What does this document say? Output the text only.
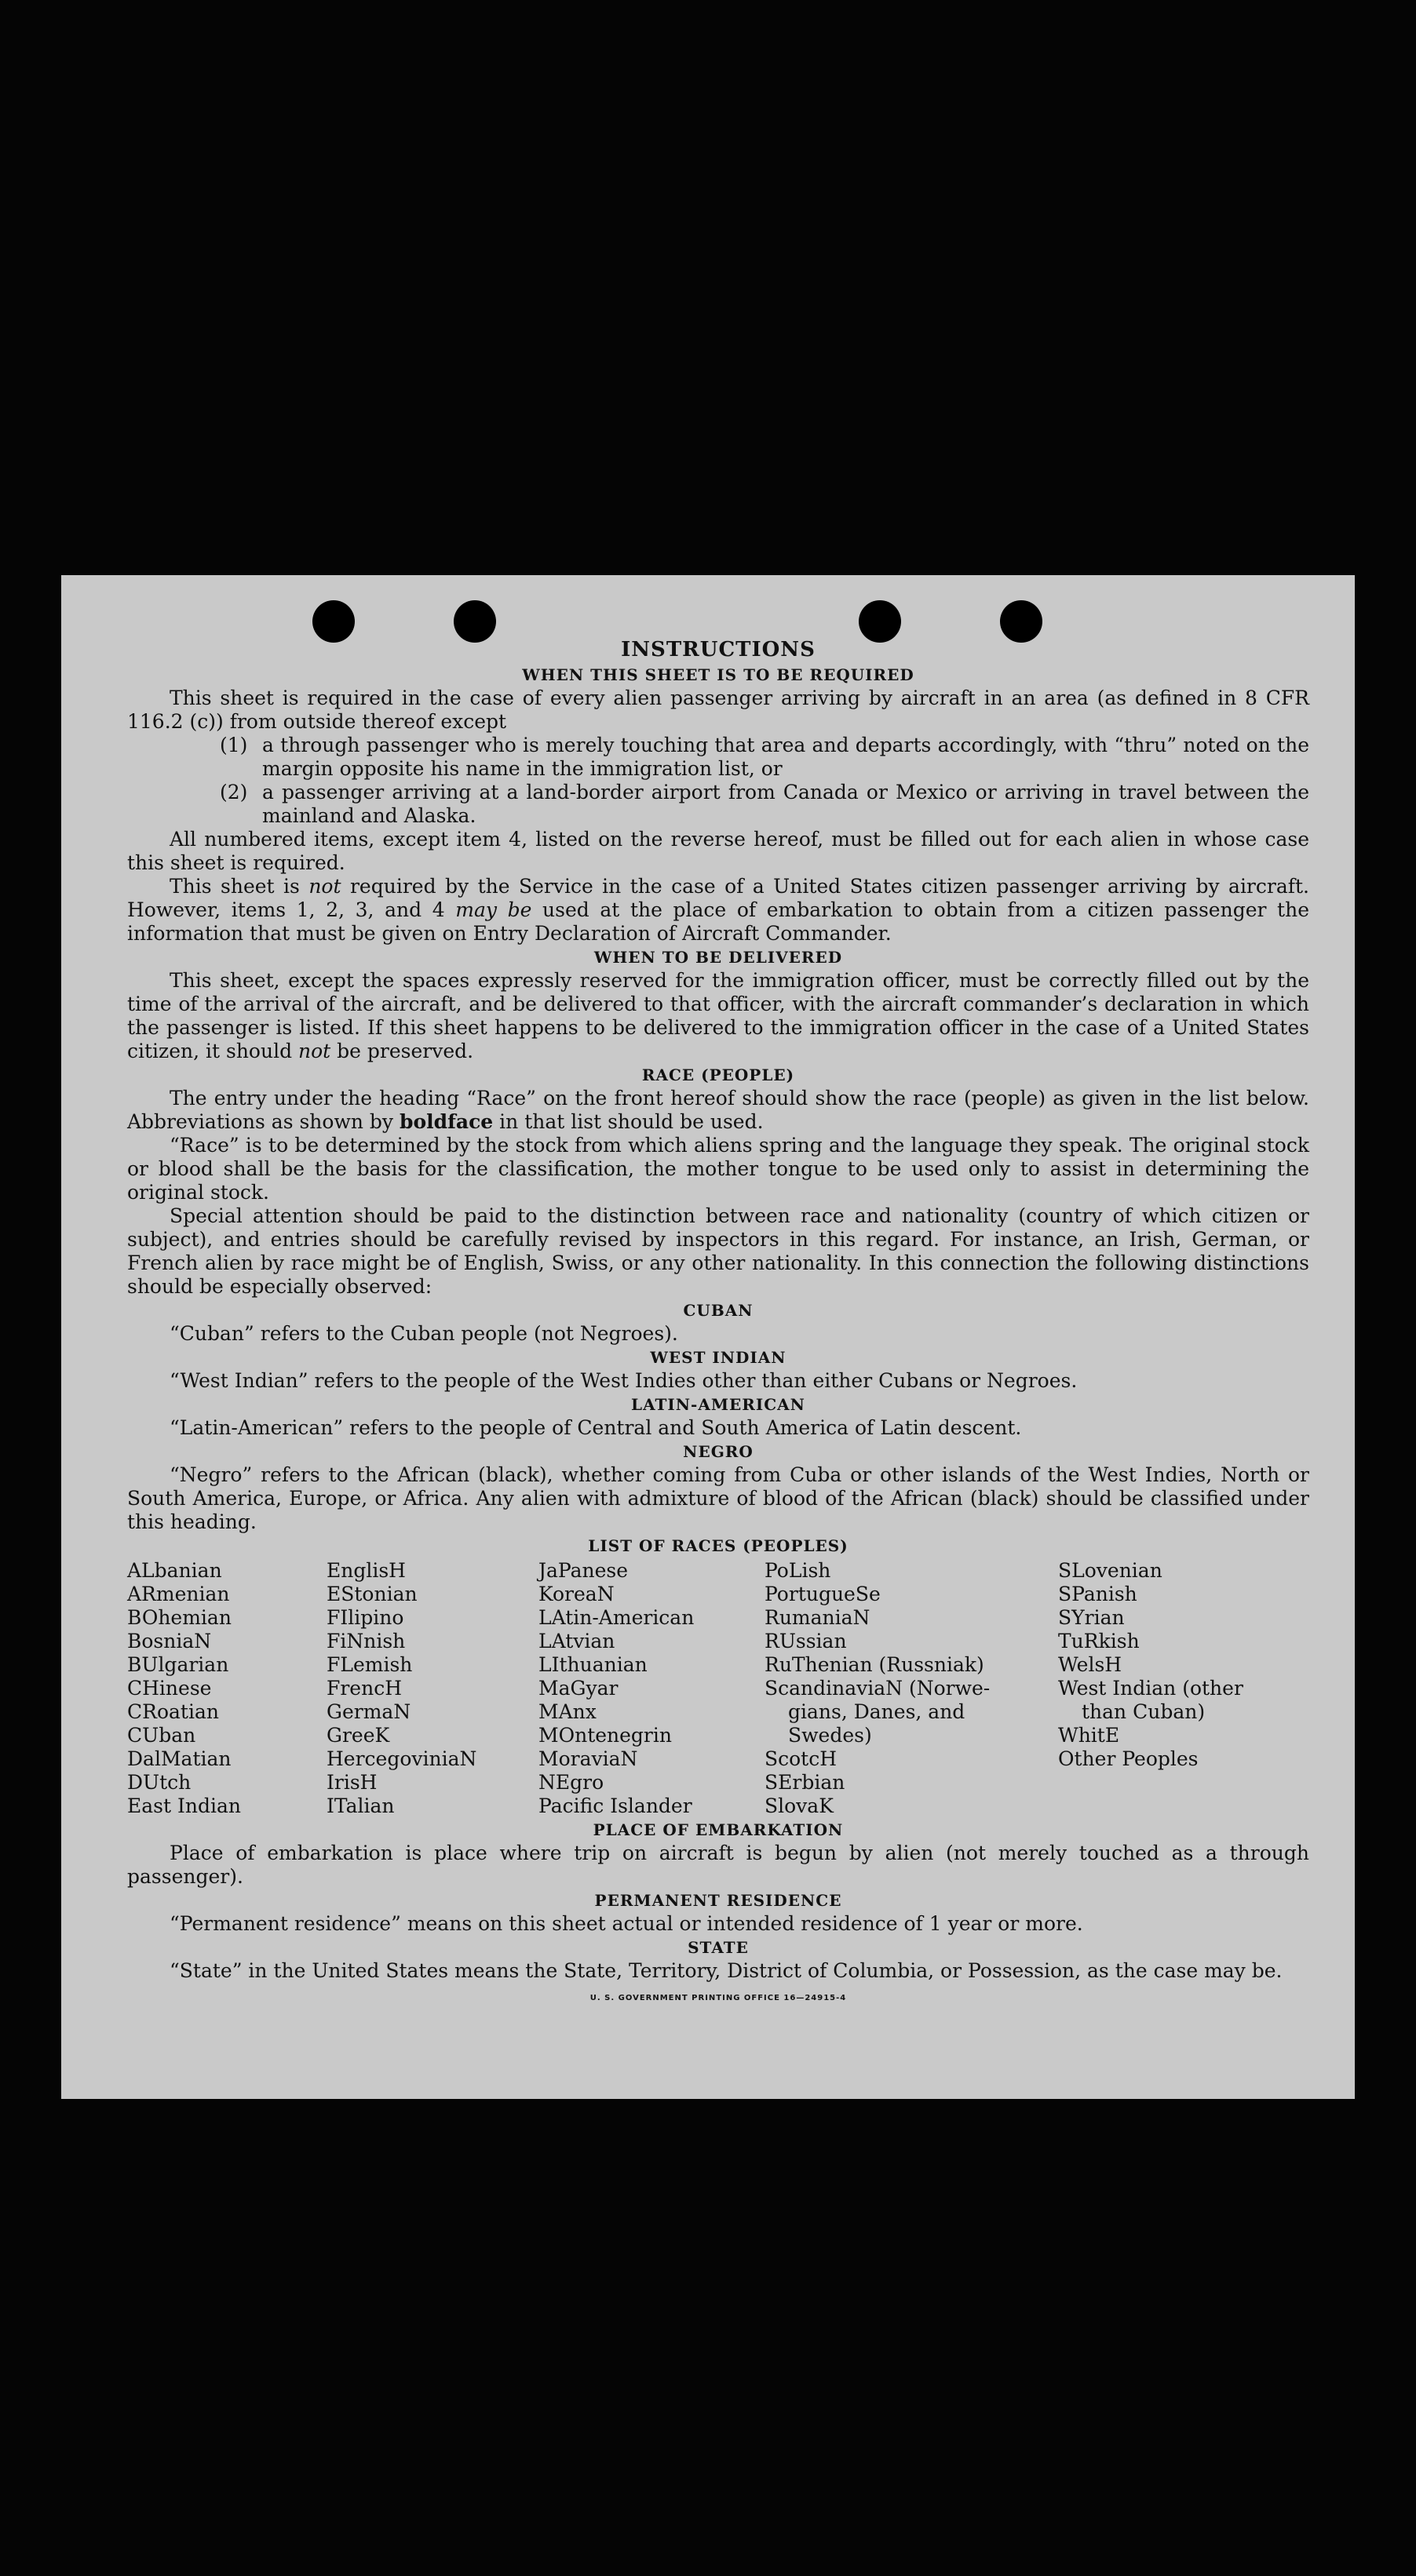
INSTRUCTIONS
WHEN THIS SHEET IS TO BE REQUIRED

This sheet is required in the case of every alien passenger arriving by aircraft in an area (as defined in 8 CFR 116.2 (c)) from outside thereof except

(1) a through passenger who is merely touching that area and departs accordingly, with “thru” noted on the margin opposite his name in the immigration list, or
(2) a passenger arriving at a land-border airport from Canada or Mexico or arriving in travel between the mainland and Alaska.

All numbered items, except item 4, listed on the reverse hereof, must be filled out for each alien in whose case this sheet is required.

This sheet is not required by the Service in the case of a United States citizen passenger arriving by aircraft. However, items 1, 2, 3, and 4 may be used at the place of embarkation to obtain from a citizen passenger the information that must be given on Entry Declaration of Aircraft Commander.

WHEN TO BE DELIVERED

This sheet, except the spaces expressly reserved for the immigration officer, must be correctly filled out by the time of the arrival of the aircraft, and be delivered to that officer, with the aircraft commander’s declaration in which the passenger is listed. If this sheet happens to be delivered to the immigration officer in the case of a United States citizen, it should not be preserved.

RACE (PEOPLE)

The entry under the heading “Race” on the front hereof should show the race (people) as given in the list below. Abbreviations as shown by boldface in that list should be used.

“Race” is to be determined by the stock from which aliens spring and the language they speak. The original stock or blood shall be the basis for the classification, the mother tongue to be used only to assist in determining the original stock.

Special attention should be paid to the distinction between race and nationality (country of which citizen or subject), and entries should be carefully revised by inspectors in this regard. For instance, an Irish, German, or French alien by race might be of English, Swiss, or any other nationality. In this connection the following distinctions should be especially observed:

CUBAN

“Cuban” refers to the Cuban people (not Negroes).

WEST INDIAN

“West Indian” refers to the people of the West Indies other than either Cubans or Negroes.

LATIN-AMERICAN

“Latin-American” refers to the people of Central and South America of Latin descent.

NEGRO

“Negro” refers to the African (black), whether coming from Cuba or other islands of the West Indies, North or South America, Europe, or Africa. Any alien with admixture of blood of the African (black) should be classified under this heading.

LIST OF RACES (PEOPLES)
ALbanian
ARmenian
BOhemian
BosniaN
BUlgarian
CHinese
CRoatian
CUban
DalMatian
DUtch
East Indian
EnglisH
EStonian
FIlipino
FiNnish
FLemish
FrencH
GermaN
GreeK
HercegoviniaN
IrisH
ITalian
JaPanese
KoreaN
LAtin-American
LAtvian
LIthuanian
MaGyar
MAnx
MOntenegrin
MoraviaN
NEgro
Pacific Islander
PoLish
PortugueSe
RumaniaN
RUssian
RuThenian (Russniak)
ScandinaviaN (Norwe-
gians, Danes, and
Swedes)
ScotcH
SErbian
SlovaK
SLovenian
SPanish
SYrian
TuRkish
WelsH
West Indian (other
than Cuban)
WhitE
Other Peoples
PLACE OF EMBARKATION

Place of embarkation is place where trip on aircraft is begun by alien (not merely touched as a through passenger).

PERMANENT RESIDENCE

“Permanent residence” means on this sheet actual or intended residence of 1 year or more.

STATE

“State” in the United States means the State, Territory, District of Columbia, or Possession, as the case may be.

U. S. GOVERNMENT PRINTING OFFICE 16—24915-4
